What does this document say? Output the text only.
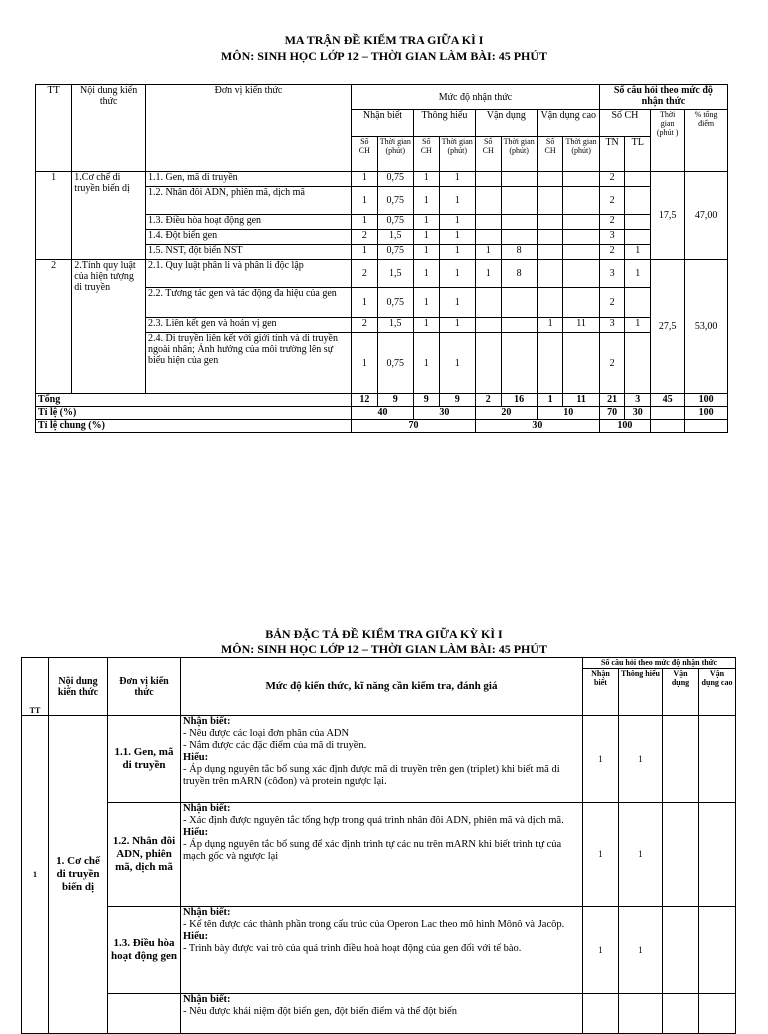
MA TRẬN ĐỀ KIỂM TRA GIỮA KÌ I
MÔN: SINH HỌC LỚP 12 – THỜI GIAN LÀM BÀI: 45 PHÚT
TT	Nội dung kiến thức	Đơn vị kiến thức	Mức độ nhận thức								Số câu hỏi theo mức độ nhận thức			
			Nhận biết		Thông hiểu		Vận dụng		Vận dụng cao		Số CH		Thời gian (phút )	% tổng điểm
			Số CH	Thời gian (phút)	Số CH	Thời gian (phút)	Số CH	Thời gian (phút)	Số CH	Thời gian (phút)	TN	TL		
1	1.Cơ chế di truyền biến dị	1.1. Gen, mã di truyền	1	0,75	1	1					2		17,5	47,00
		1.2. Nhân đôi ADN, phiên mã, dịch mã	1	0,75	1	1					2			
		1.3. Điều hòa hoạt động gen	1	0,75	1	1					2			
		1.4. Đột biến gen	2	1,5	1	1					3			
		1.5. NST, đột biến NST	1	0,75	1	1	1	8			2	1		
2	2.Tính quy luật của hiện tượng di truyền	2.1. Quy luật phân li và phân li độc lập	2	1,5	1	1	1	8			3	1	27,5	53,00
		2.2. Tương tác gen và tác động đa hiệu của gen	1	0,75	1	1					2			
		2.3. Liên kết gen và hoán vị gen	2	1,5	1	1			1	11	3	1		
		2.4. Di truyền liên kết với giới tính và di truyền ngoài nhân; Ảnh hưởng của môi trường lên sự biểu hiện của gen	1	0,75	1	1					2			
Tổng			12	9	9	9	2	16	1	11	21	3	45	100
Tỉ lệ (%)			40		30		20		10		70	30		100
Tỉ lệ chung (%)			70				30				100			
BẢN ĐẶC TẢ ĐỀ KIỂM TRA GIỮA KỲ KÌ I
MÔN: SINH HỌC LỚP 12 – THỜI GIAN LÀM BÀI: 45 PHÚT
TT	Nội dung kiến thức	Đơn vị kiến thức	Mức độ kiến thức, kĩ năng cần kiểm tra, đánh giá	Số câu hỏi theo mức độ nhận thức			
				Nhận biết	Thông hiểu	Vận dụng	Vận dụng cao
1	1. Cơ chế di truyền biến dị	1.1. Gen, mã di truyền	Nhận biết:
- Nêu được các loại đơn phân của ADN
- Nắm được các đặc điểm của mã di truyền.
Hiểu:
- Áp dụng nguyên tắc bổ sung xác định được mã di truyền trên gen (triplet) khi biết mã di truyền trên mARN (côđon) và protein ngược lại.	1	1		
		1.2. Nhân đôi ADN, phiên mã, dịch mã	Nhận biết:
- Xác định được nguyên tắc tổng hợp trong quá trình nhân đôi ADN, phiên mã và dịch mã.
Hiểu:
- Áp dụng nguyên tắc bổ sung để xác định trình tự các nu trên mARN khi biết trình tự của mạch gốc và ngược lại	1	1		
		1.3. Điều hòa hoạt động gen	Nhận biết:
- Kể tên được các thành phần trong cấu trúc của Operon Lac theo mô hình Mônô và Jacôp.
Hiểu:
- Trình bày được vai trò của quá trình điều hoà hoạt động của gen đối với tế bào.	1	1		

			Nhận biết:
- Nêu được khái niệm đột biến gen, đột biến điểm và thể đột biến				
